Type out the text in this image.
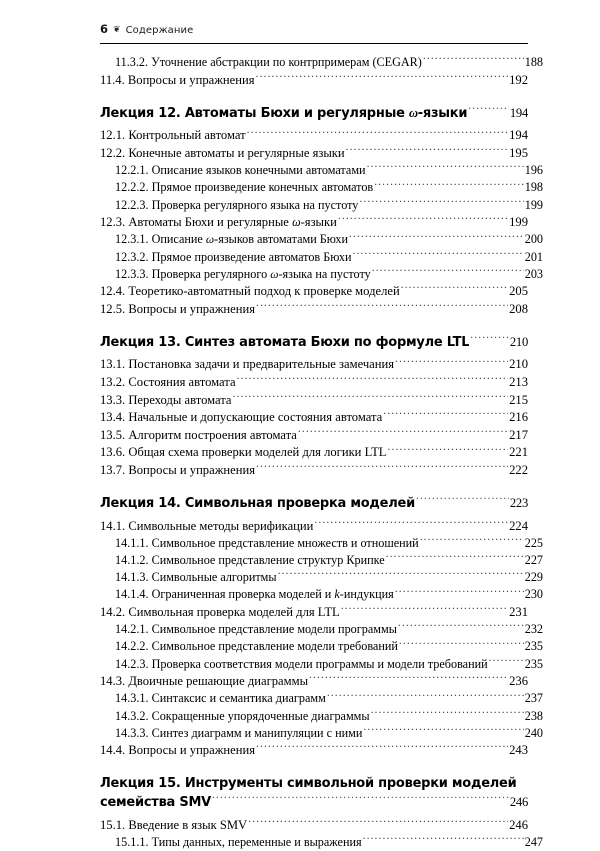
6 ❦ Содержание
11.3.2. Уточнение абстракции по контрпримерам (CEGAR) .....	188
11.4. Вопросы и упражнения .....	192
Лекция 12. Автоматы Бюхи и регулярные ω-языки .....	194
12.1. Контрольный автомат .....	194
12.2. Конечные автоматы и регулярные языки .....	195
12.2.1. Описание языков конечными автоматами .....	196
12.2.2. Прямое произведение конечных автоматов .....	198
12.2.3. Проверка регулярного языка на пустоту .....	199
12.3. Автоматы Бюхи и регулярные ω-языки .....	199
12.3.1. Описание ω-языков автоматами Бюхи .....	200
12.3.2. Прямое произведение автоматов Бюхи .....	201
12.3.3. Проверка регулярного ω-языка на пустоту .....	203
12.4. Теоретико-автоматный подход к проверке моделей .....	205
12.5. Вопросы и упражнения .....	208
Лекция 13. Синтез автомата Бюхи по формуле LTL .....	210
13.1. Постановка задачи и предварительные замечания .....	210
13.2. Состояния автомата .....	213
13.3. Переходы автомата .....	215
13.4. Начальные и допускающие состояния автомата .....	216
13.5. Алгоритм построения автомата .....	217
13.6. Общая схема проверки моделей для логики LTL .....	221
13.7. Вопросы и упражнения .....	222
Лекция 14. Символьная проверка моделей .....	223
14.1. Символьные методы верификации .....	224
14.1.1. Символьное представление множеств и отношений .....	225
14.1.2. Символьное представление структур Крипке .....	227
14.1.3. Символьные алгоритмы .....	229
14.1.4. Ограниченная проверка моделей и k-индукция .....	230
14.2. Символьная проверка моделей для LTL .....	231
14.2.1. Символьное представление модели программы .....	232
14.2.2. Символьное представление модели требований .....	235
14.2.3. Проверка соответствия модели программы и модели требований .....	235
14.3. Двоичные решающие диаграммы .....	236
14.3.1. Синтаксис и семантика диаграмм .....	237
14.3.2. Сокращенные упорядоченные диаграммы .....	238
14.3.3. Синтез диаграмм и манипуляции с ними .....	240
14.4. Вопросы и упражнения .....	243
Лекция 15. Инструменты символьной проверки моделей
семейства SMV .....	246
15.1. Введение в язык SMV .....	246
15.1.1. Типы данных, переменные и выражения .....	247
